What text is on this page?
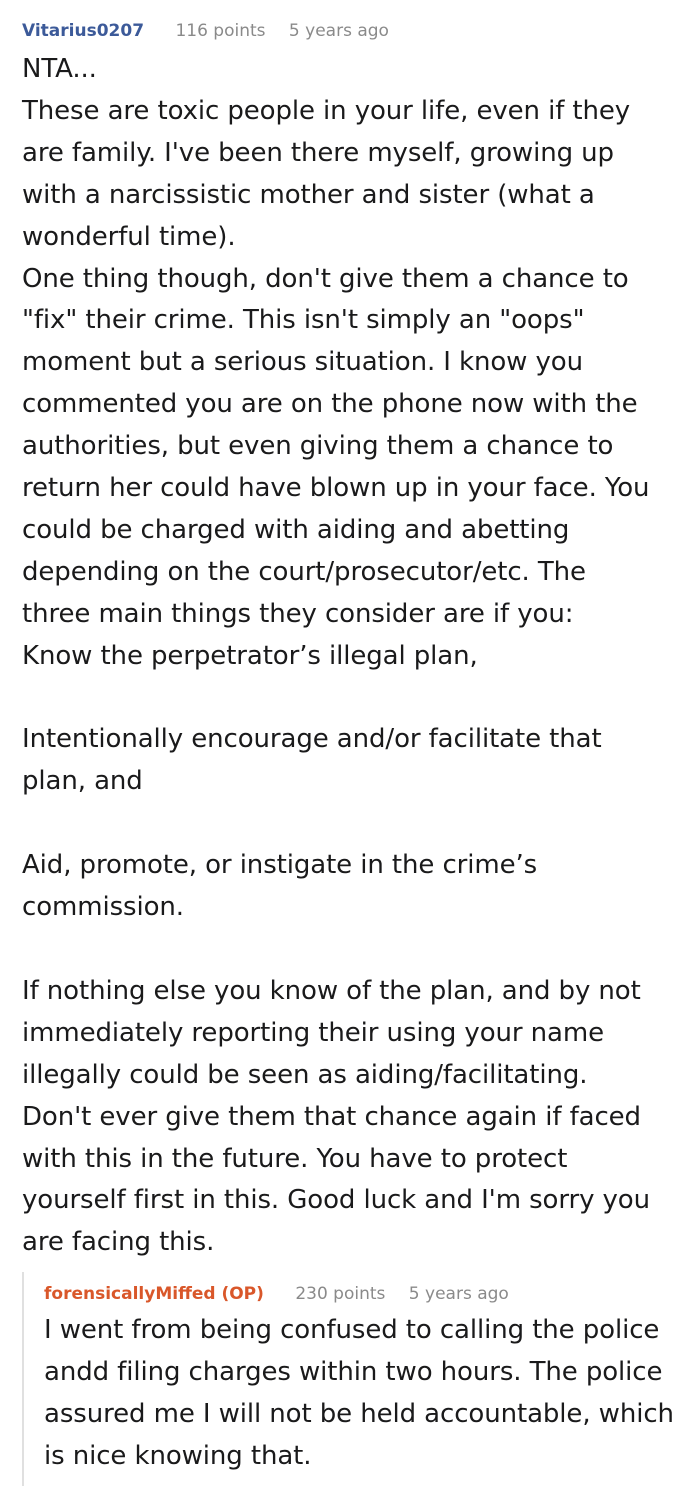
Vitarius0207 116 points 5 years ago

NTA...

These are toxic people in your life, even if they

are family. I've been there myself, growing up

with a narcissistic mother and sister (what a

wonderful time).

One thing though, don't give them a chance to

"fix" their crime. This isn't simply an "oops"

moment but a serious situation. I know you

commented you are on the phone now with the

authorities, but even giving them a chance to

return her could have blown up in your face. You

could be charged with aiding and abetting

depending on the court/prosecutor/etc. The

three main things they consider are if you:

Know the perpetrator’s illegal plan,

Intentionally encourage and/or facilitate that

plan, and

Aid, promote, or instigate in the crime’s

commission.

If nothing else you know of the plan, and by not

immediately reporting their using your name

illegally could be seen as aiding/facilitating.

Don't ever give them that chance again if faced

with this in the future. You have to protect

yourself first in this. Good luck and I'm sorry you

are facing this.

forensicallyMiffed (OP) 230 points 5 years ago

I went from being confused to calling the police

andd filing charges within two hours. The police

assured me I will not be held accountable, which

is nice knowing that.
